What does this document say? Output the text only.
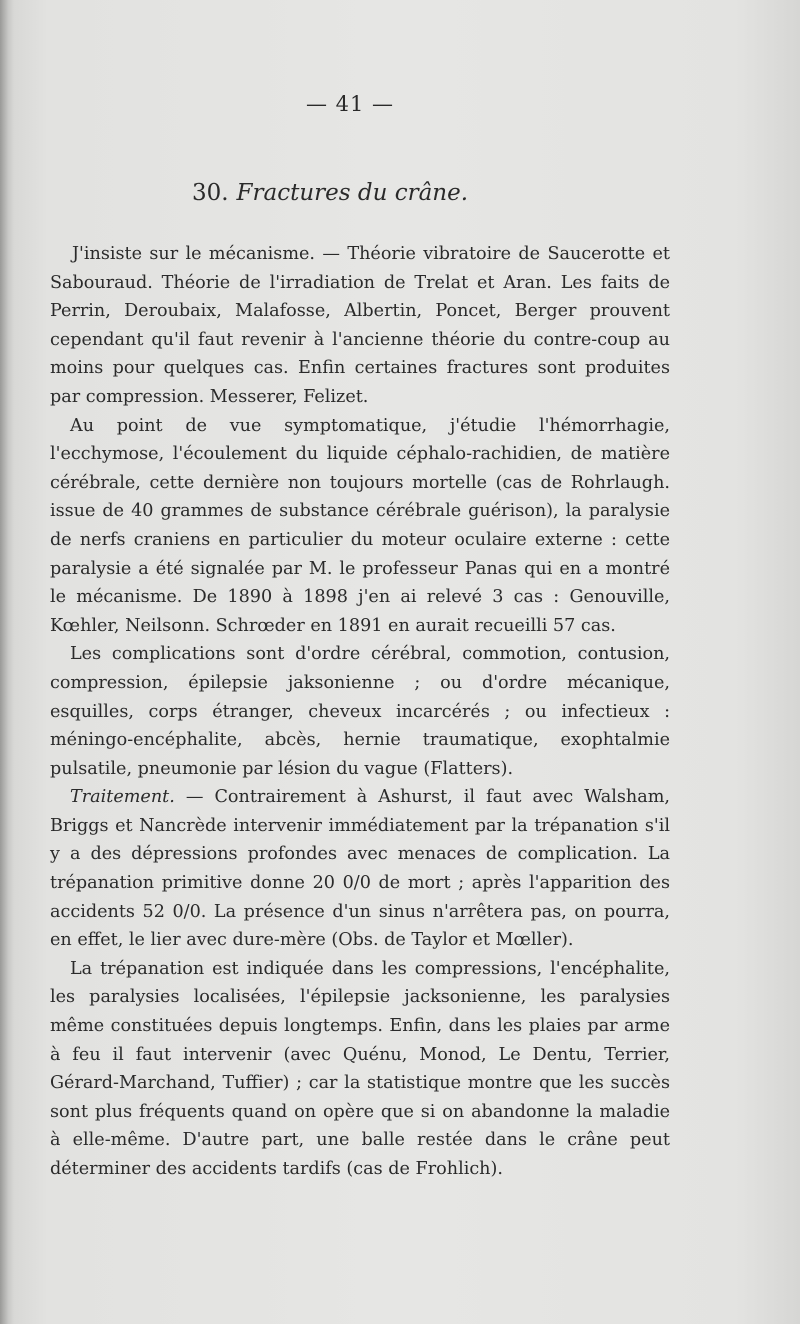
— 41 —
30. Fractures du crâne.

J'insiste sur le mécanisme. — Théorie vibratoire de Saucerotte et Sabouraud. Théorie de l'irradiation de Trelat et Aran. Les faits de Perrin, Deroubaix, Malafosse, Albertin, Poncet, Berger prouvent cependant qu'il faut revenir à l'ancienne théorie du contre-coup au moins pour quelques cas. Enfin certaines fractures sont produites par compression. Messerer, Felizet.

Au point de vue symptomatique, j'étudie l'hémorrhagie, l'ecchymose, l'écoulement du liquide céphalo-rachidien, de matière cérébrale, cette dernière non toujours mortelle (cas de Rohrlaugh. issue de 40 grammes de substance cérébrale guérison), la paralysie de nerfs craniens en particulier du moteur oculaire externe : cette paralysie a été signalée par M. le professeur Panas qui en a montré le mécanisme. De 1890 à 1898 j'en ai relevé 3 cas : Genouville, Kœhler, Neilsonn. Schrœder en 1891 en aurait recueilli 57 cas.

Les complications sont d'ordre cérébral, commotion, contusion, compression, épilepsie jaksonienne ; ou d'ordre mécanique, esquilles, corps étranger, cheveux incarcérés ; ou infectieux : méningo-encéphalite, abcès, hernie traumatique, exophtalmie pulsatile, pneumonie par lésion du vague (Flatters).

Traitement. — Contrairement à Ashurst, il faut avec Walsham, Briggs et Nancrède intervenir immédiatement par la trépanation s'il y a des dépressions profondes avec menaces de complication. La trépanation primitive donne 20 0/0 de mort ; après l'apparition des accidents 52 0/0. La présence d'un sinus n'arrêtera pas, on pourra, en effet, le lier avec dure-mère (Obs. de Taylor et Mœller).

La trépanation est indiquée dans les compressions, l'encéphalite, les paralysies localisées, l'épilepsie jacksonienne, les paralysies même constituées depuis longtemps. Enfin, dans les plaies par arme à feu il faut intervenir (avec Quénu, Monod, Le Dentu, Terrier, Gérard-Marchand, Tuffier) ; car la statistique montre que les succès sont plus fréquents quand on opère que si on abandonne la maladie à elle-même. D'autre part, une balle restée dans le crâne peut déterminer des accidents tardifs (cas de Frohlich).
